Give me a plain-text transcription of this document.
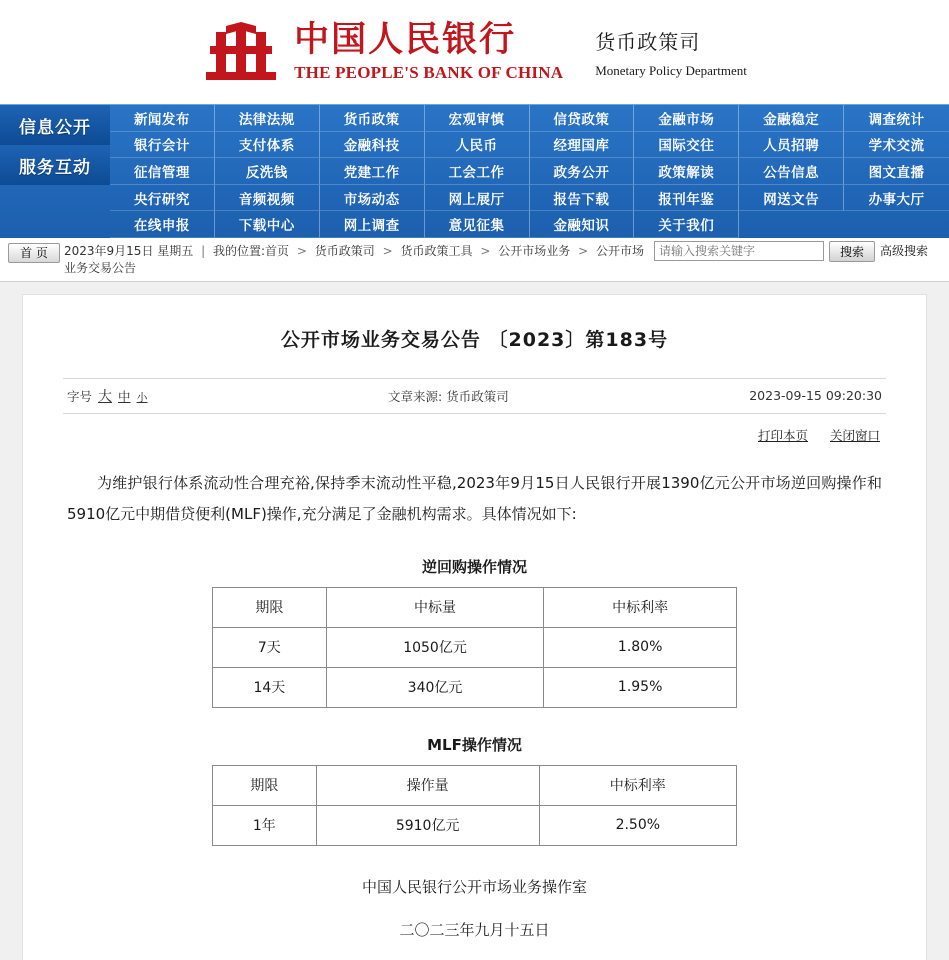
中国人民银行
THE PEOPLE'S BANK OF CHINA
货币政策司
Monetary Policy Department
信息公开
服务互动
新闻发布	法律法规	货币政策	宏观审慎	信贷政策	金融市场	金融稳定	调查统计
银行会计	支付体系	金融科技	人民币	经理国库	国际交往	人员招聘	学术交流
征信管理	反洗钱	党建工作	工会工作	政务公开	政策解读	公告信息	图文直播
央行研究	音频视频	市场动态	网上展厅	报告下载	报刊年鉴	网送文告	办事大厅
在线申报	下载中心	网上调查	意见征集	金融知识	关于我们
首 页	2023年9月15日 星期五 | 我的位置:首页 > 货币政策司 > 货币政策工具 > 公开市场业务 > 公开市场业务交易公告
请输入搜索关键字
搜索	高级搜索
公开市场业务交易公告 〔2023〕第183号
字号 大 中 小	文章来源: 货币政策司	2023-09-15 09:20:30
打印本页 关闭窗口

为维护银行体系流动性合理充裕,保持季末流动性平稳,2023年9月15日人民银行开展1390亿元公开市场逆回购操作和5910亿元中期借贷便利(MLF)操作,充分满足了金融机构需求。具体情况如下:

逆回购操作情况
期限	中标量	中标利率
7天	1050亿元	1.80%
14天	340亿元	1.95%
MLF操作情况
期限	操作量	中标利率
1年	5910亿元	2.50%
中国人民银行公开市场业务操作室
二〇二三年九月十五日
